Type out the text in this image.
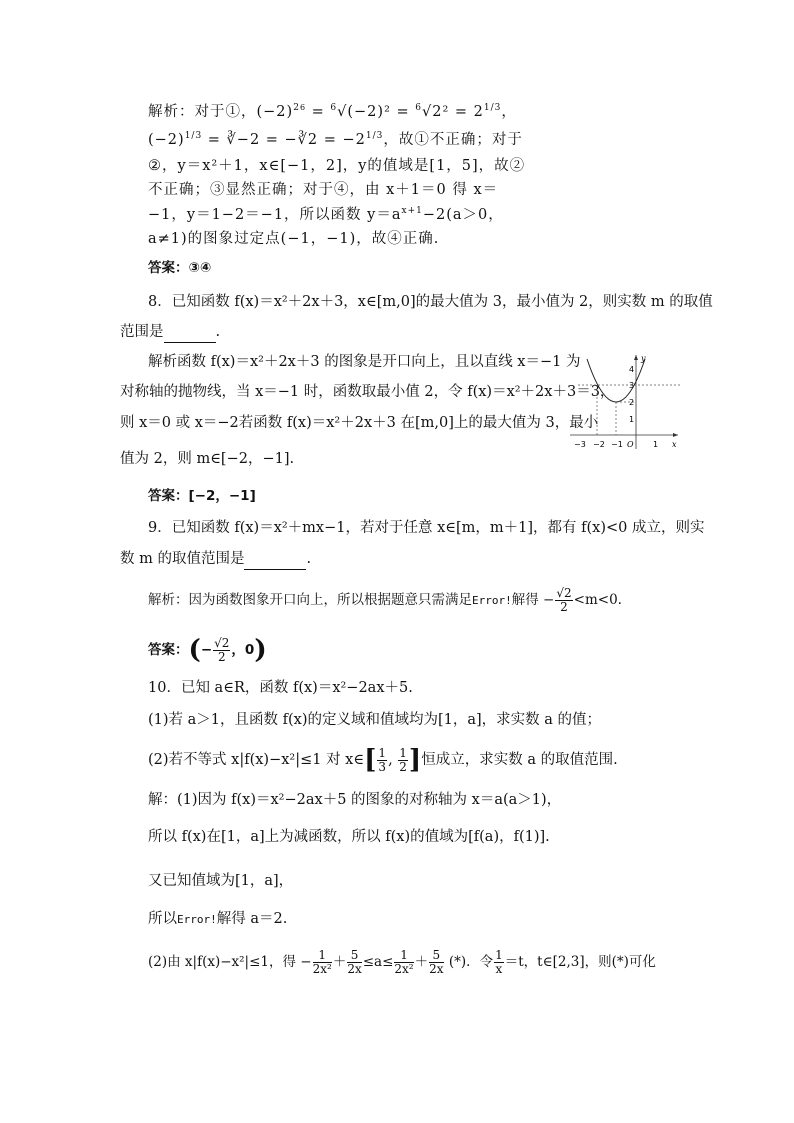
解析：对于①，$(-2)^{26} = ^6√(-2)^2 = ^6√2^2 = 2^{1/3}$，
$(-2)^{1/3}$ = ∛−2 = −∛2 = $-2^{1/3}$，故①不正确；对于
②，y＝x²＋1，x∈[−1，2]，y的值域是[1，5]，故②
不正确；③显然正确；对于④，由 x＋1＝0 得 x＝
−1，y＝1−2＝−1，所以函数 $y=a^{x+1}-2(a>0$，
a≠1)的图象过定点(−1，−1)，故④正确.
答案：③④
8．已知函数 f(x)＝x²＋2x＋3，x∈[m,0]的最大值为 3，最小值为 2，则实数 m 的取值
范围是	.
解析函数 f(x)＝x²＋2x＋3 的图象是开口向上，且以直线 x＝−1 为
对称轴的抛物线，当 x＝−1 时，函数取最小值 2，令 f(x)＝x²＋2x＋3＝3，
则 x＝0 或 x＝−2若函数 f(x)＝x²＋2x＋3 在[m,0]上的最大值为 3，最小
值为 2，则 m∈[−2，−1].
−3 −2 −1 O 1 x
y
4
3
2
1
答案：[−2，−1]
9．已知函数 f(x)＝x²＋mx−1，若对于任意 x∈[m，m＋1]，都有 f(x)<0 成立，则实
数 m 的取值范围是	.
解析：因为函数图象开口向上，所以根据题意只需满足Error!解得 − $\frac{√2}{2} <m<0$.
答案：(− $\frac{√2}{2}$ ，0)
10．已知 a∈R，函数 f(x)＝x²−2ax＋5.
(1)若 a＞1，且函数 f(x)的定义域和值域均为[1，a]，求实数 a 的值；
(2)若不等式 x|f(x)−x²|≤1 对 x∈[ $\frac{1}{3}$ , $\frac{1}{2}$ ]恒成立，求实数 a 的取值范围.
解：(1)因为 f(x)＝x²−2ax＋5 的图象的对称轴为 x＝a(a＞1)，
所以 f(x)在[1，a]上为减函数，所以 f(x)的值域为[f(a)，f(1)].
又已知值域为[1，a]，
所以Error!解得 a＝2.
(2)由 x|f(x)−x²|≤1，得 − $\frac{1}{\text{2x²}} + \frac{5}{2x} \le a\le \frac{1}{\text{2x²}} + \frac{5}{2x}$ (*)．令 $\frac{1}{x} =t$，t∈[2,3]，则(*)可化
